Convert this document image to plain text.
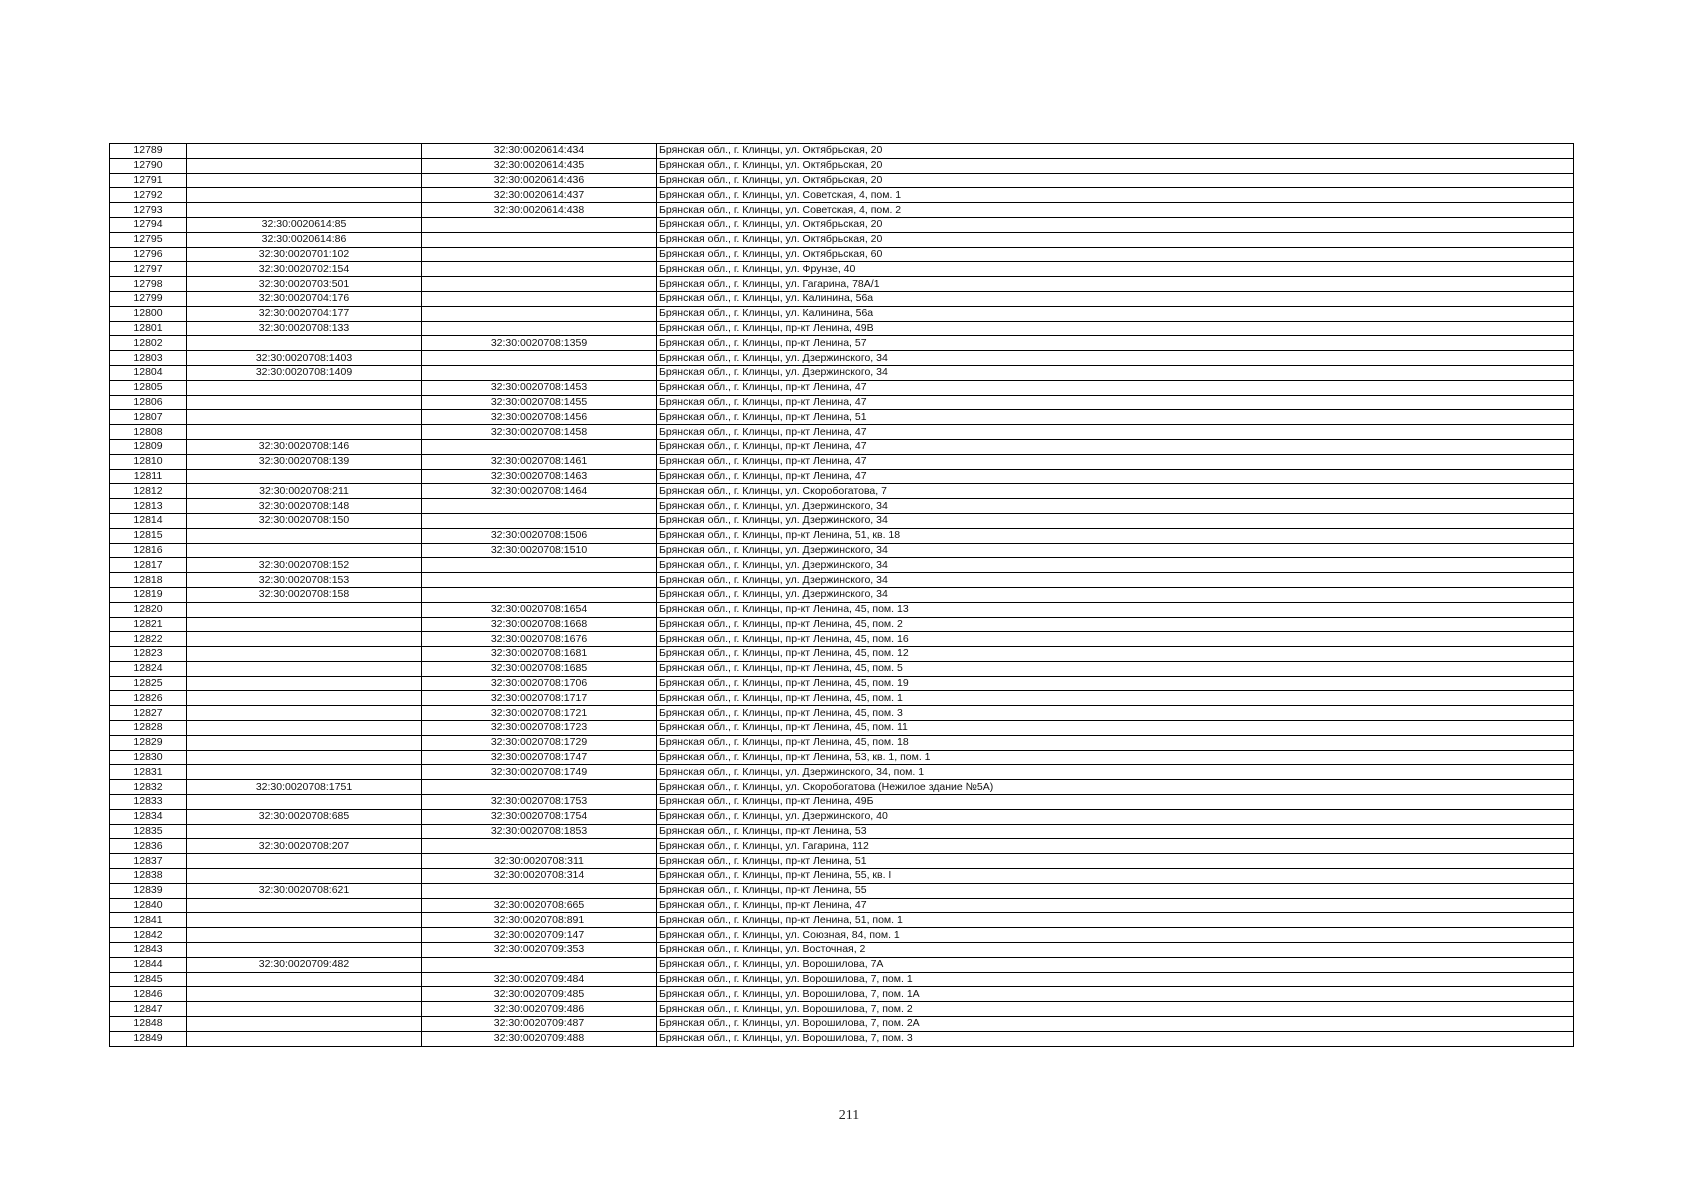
12789		32:30:0020614:434	Брянская обл., г. Клинцы, ул. Октябрьская, 20
12790		32:30:0020614:435	Брянская обл., г. Клинцы, ул. Октябрьская, 20
12791		32:30:0020614:436	Брянская обл., г. Клинцы, ул. Октябрьская, 20
12792		32:30:0020614:437	Брянская обл., г. Клинцы, ул. Советская, 4, пом. 1
12793		32:30:0020614:438	Брянская обл., г. Клинцы, ул. Советская, 4, пом. 2
12794	32:30:0020614:85		Брянская обл., г. Клинцы, ул. Октябрьская, 20
12795	32:30:0020614:86		Брянская обл., г. Клинцы, ул. Октябрьская, 20
12796	32:30:0020701:102		Брянская обл., г. Клинцы, ул. Октябрьская, 60
12797	32:30:0020702:154		Брянская обл., г. Клинцы, ул. Фрунзе, 40
12798	32:30:0020703:501		Брянская обл., г. Клинцы, ул. Гагарина, 78А/1
12799	32:30:0020704:176		Брянская обл., г. Клинцы, ул. Калинина, 56а
12800	32:30:0020704:177		Брянская обл., г. Клинцы, ул. Калинина, 56а
12801	32:30:0020708:133		Брянская обл., г. Клинцы, пр-кт Ленина, 49В
12802		32:30:0020708:1359	Брянская обл., г. Клинцы, пр-кт Ленина, 57
12803	32:30:0020708:1403		Брянская обл., г. Клинцы, ул. Дзержинского, 34
12804	32:30:0020708:1409		Брянская обл., г. Клинцы, ул. Дзержинского, 34
12805		32:30:0020708:1453	Брянская обл., г. Клинцы, пр-кт Ленина, 47
12806		32:30:0020708:1455	Брянская обл., г. Клинцы, пр-кт Ленина, 47
12807		32:30:0020708:1456	Брянская обл., г. Клинцы, пр-кт Ленина, 51
12808		32:30:0020708:1458	Брянская обл., г. Клинцы, пр-кт Ленина, 47
12809	32:30:0020708:146		Брянская обл., г. Клинцы, пр-кт Ленина, 47
12810	32:30:0020708:139	32:30:0020708:1461	Брянская обл., г. Клинцы, пр-кт Ленина, 47
12811		32:30:0020708:1463	Брянская обл., г. Клинцы, пр-кт Ленина, 47
12812	32:30:0020708:211	32:30:0020708:1464	Брянская обл., г. Клинцы, ул. Скоробогатова, 7
12813	32:30:0020708:148		Брянская обл., г. Клинцы, ул. Дзержинского, 34
12814	32:30:0020708:150		Брянская обл., г. Клинцы, ул. Дзержинского, 34
12815		32:30:0020708:1506	Брянская обл., г. Клинцы, пр-кт Ленина, 51, кв. 18
12816		32:30:0020708:1510	Брянская обл., г. Клинцы, ул. Дзержинского, 34
12817	32:30:0020708:152		Брянская обл., г. Клинцы, ул. Дзержинского, 34
12818	32:30:0020708:153		Брянская обл., г. Клинцы, ул. Дзержинского, 34
12819	32:30:0020708:158		Брянская обл., г. Клинцы, ул. Дзержинского, 34
12820		32:30:0020708:1654	Брянская обл., г. Клинцы, пр-кт Ленина, 45, пом. 13
12821		32:30:0020708:1668	Брянская обл., г. Клинцы, пр-кт Ленина, 45, пом. 2
12822		32:30:0020708:1676	Брянская обл., г. Клинцы, пр-кт Ленина, 45, пом. 16
12823		32:30:0020708:1681	Брянская обл., г. Клинцы, пр-кт Ленина, 45, пом. 12
12824		32:30:0020708:1685	Брянская обл., г. Клинцы, пр-кт Ленина, 45, пом. 5
12825		32:30:0020708:1706	Брянская обл., г. Клинцы, пр-кт Ленина, 45, пом. 19
12826		32:30:0020708:1717	Брянская обл., г. Клинцы, пр-кт Ленина, 45, пом. 1
12827		32:30:0020708:1721	Брянская обл., г. Клинцы, пр-кт Ленина, 45, пом. 3
12828		32:30:0020708:1723	Брянская обл., г. Клинцы, пр-кт Ленина, 45, пом. 11
12829		32:30:0020708:1729	Брянская обл., г. Клинцы, пр-кт Ленина, 45, пом. 18
12830		32:30:0020708:1747	Брянская обл., г. Клинцы, пр-кт Ленина, 53, кв. 1, пом. 1
12831		32:30:0020708:1749	Брянская обл., г. Клинцы, ул. Дзержинского, 34, пом. 1
12832	32:30:0020708:1751		Брянская обл., г. Клинцы, ул. Скоробогатова (Нежилое здание №5А)
12833		32:30:0020708:1753	Брянская обл., г. Клинцы, пр-кт Ленина, 49Б
12834	32:30:0020708:685	32:30:0020708:1754	Брянская обл., г. Клинцы, ул. Дзержинского, 40
12835		32:30:0020708:1853	Брянская обл., г. Клинцы, пр-кт Ленина, 53
12836	32:30:0020708:207		Брянская обл., г. Клинцы, ул. Гагарина, 112
12837		32:30:0020708:311	Брянская обл., г. Клинцы, пр-кт Ленина, 51
12838		32:30:0020708:314	Брянская обл., г. Клинцы, пр-кт Ленина, 55, кв. I
12839	32:30:0020708:621		Брянская обл., г. Клинцы, пр-кт Ленина, 55
12840		32:30:0020708:665	Брянская обл., г. Клинцы, пр-кт Ленина, 47
12841		32:30:0020708:891	Брянская обл., г. Клинцы, пр-кт Ленина, 51, пом. 1
12842		32:30:0020709:147	Брянская обл., г. Клинцы, ул. Союзная, 84, пом. 1
12843		32:30:0020709:353	Брянская обл., г. Клинцы, ул. Восточная, 2
12844	32:30:0020709:482		Брянская обл., г. Клинцы, ул. Ворошилова, 7А
12845		32:30:0020709:484	Брянская обл., г. Клинцы, ул. Ворошилова, 7, пом. 1
12846		32:30:0020709:485	Брянская обл., г. Клинцы, ул. Ворошилова, 7, пом. 1А
12847		32:30:0020709:486	Брянская обл., г. Клинцы, ул. Ворошилова, 7, пом. 2
12848		32:30:0020709:487	Брянская обл., г. Клинцы, ул. Ворошилова, 7, пом. 2А
12849		32:30:0020709:488	Брянская обл., г. Клинцы, ул. Ворошилова, 7, пом. 3
211
